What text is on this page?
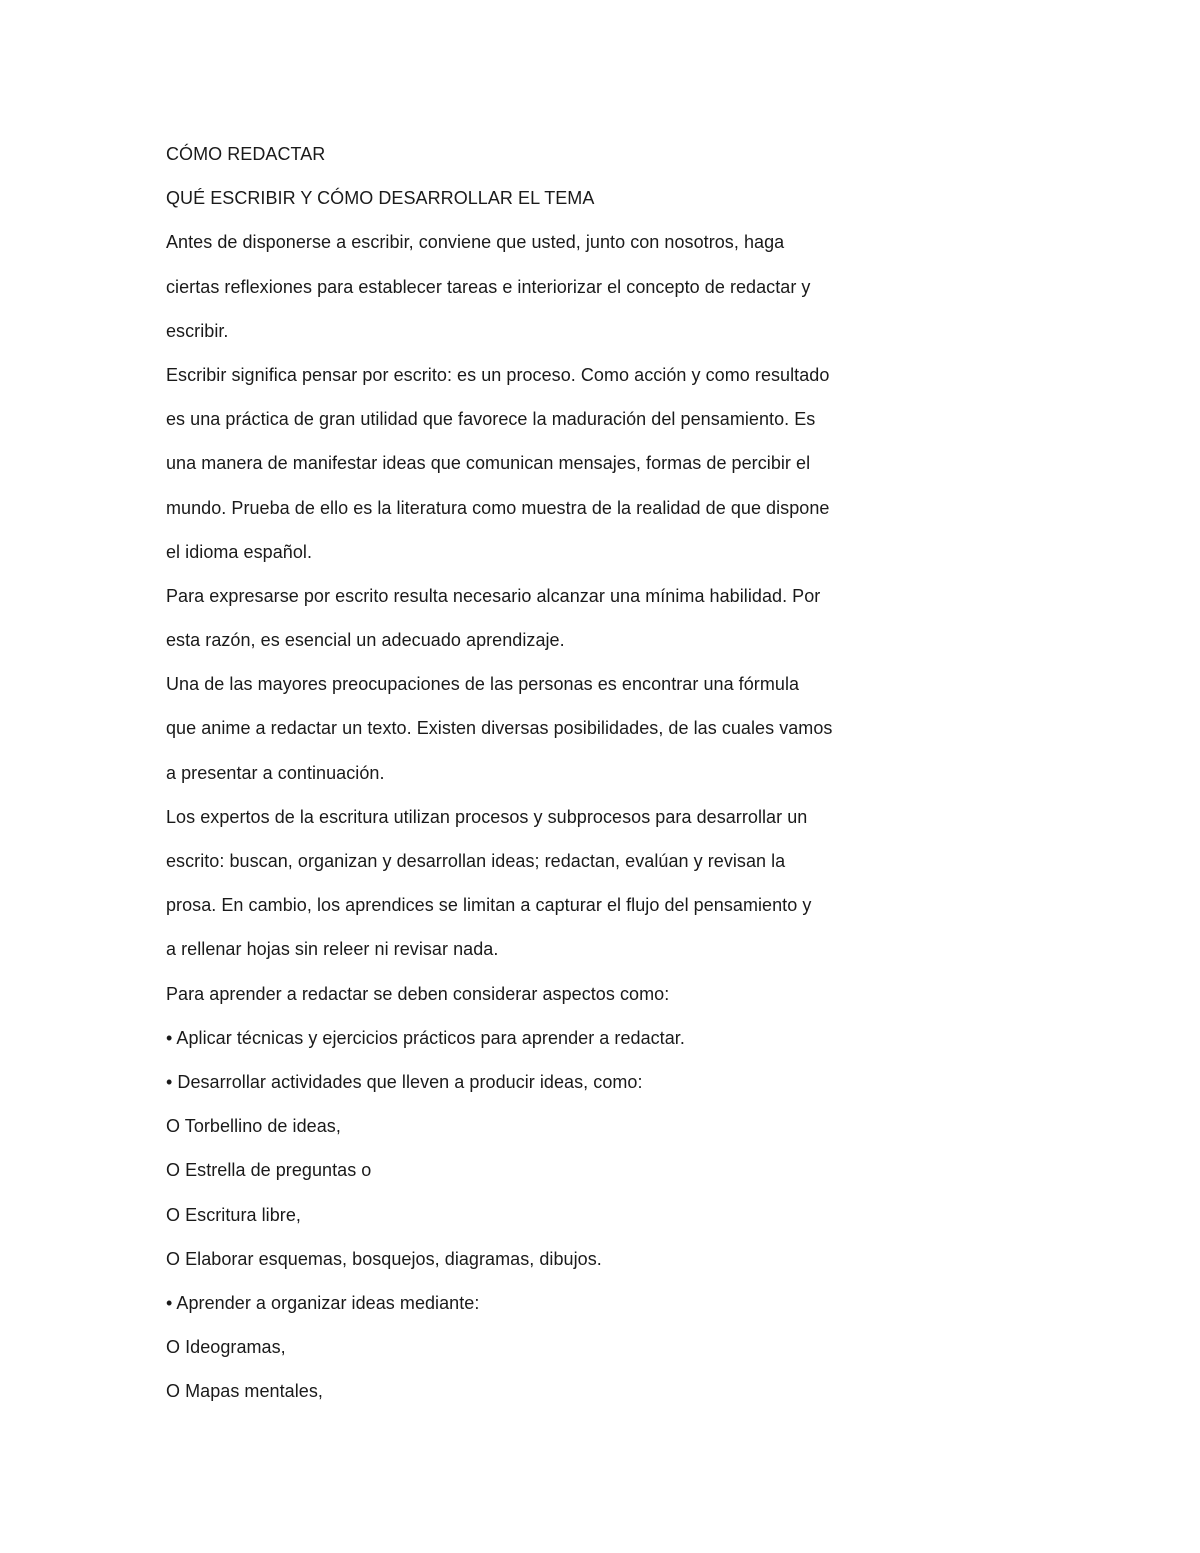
CÓMO REDACTAR
QUÉ ESCRIBIR Y CÓMO DESARROLLAR EL TEMA
Antes de disponerse a escribir, conviene que usted, junto con nosotros, haga
ciertas reflexiones para establecer tareas e interiorizar el concepto de redactar y
escribir.
Escribir significa pensar por escrito: es un proceso. Como acción y como resultado
es una práctica de gran utilidad que favorece la maduración del pensamiento. Es
una manera de manifestar ideas que comunican mensajes, formas de percibir el
mundo. Prueba de ello es la literatura como muestra de la realidad de que dispone
el idioma español.
Para expresarse por escrito resulta necesario alcanzar una mínima habilidad. Por
esta razón, es esencial un adecuado aprendizaje.
Una de las mayores preocupaciones de las personas es encontrar una fórmula
que anime a redactar un texto. Existen diversas posibilidades, de las cuales vamos
a presentar a continuación.
Los expertos de la escritura utilizan procesos y subprocesos para desarrollar un
escrito: buscan, organizan y desarrollan ideas; redactan, evalúan y revisan la
prosa. En cambio, los aprendices se limitan a capturar el flujo del pensamiento y
a rellenar hojas sin releer ni revisar nada.
Para aprender a redactar se deben considerar aspectos como:
• Aplicar técnicas y ejercicios prácticos para aprender a redactar.
• Desarrollar actividades que lleven a producir ideas, como:
O Torbellino de ideas,
O Estrella de preguntas o
O Escritura libre,
O Elaborar esquemas, bosquejos, diagramas, dibujos.
• Aprender a organizar ideas mediante:
O Ideogramas,
O Mapas mentales,
